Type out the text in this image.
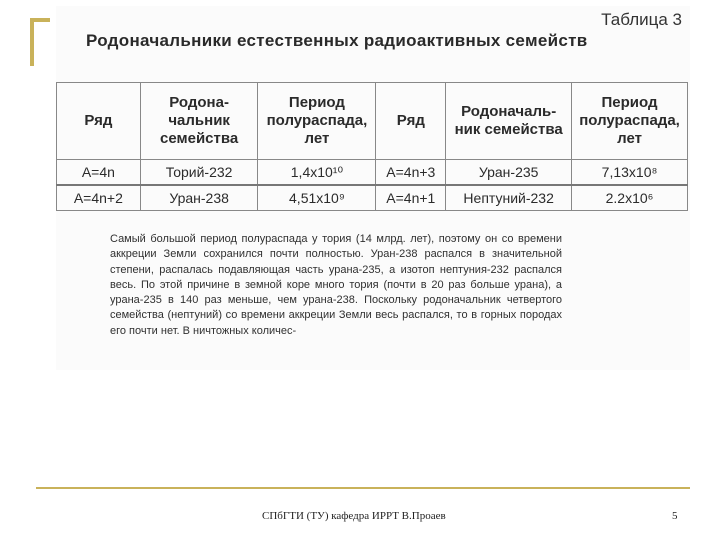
Таблица 3
Родоначальники естественных радиоактивных семейств
Ряд	Родона-чальник семейства	Период полураспада, лет	Ряд	Родоначаль-ник семейства	Период полураспада, лет
A=4n	Торий-232	1,4x10¹⁰	A=4n+3	Уран-235	7,13x10⁸
A=4n+2	Уран-238	4,51x10⁹	A=4n+1	Нептуний-232	2.2x10⁶

Самый большой период полураспада у тория (14 млрд. лет), поэтому он со времени аккреции Земли сохранился почти полностью. Уран-238 распался в значительной степени, распалась подавляющая часть урана-235, а изотоп нептуния-232 распался весь. По этой причине в земной коре много тория (почти в 20 раз больше урана), а урана-235 в 140 раз меньше, чем урана-238. Поскольку родоначальник четвертого семейства (нептуний) со времени аккреции Земли весь распался, то в горных породах его почти нет. В ничтожных количес-

СПбГТИ (ТУ) кафедра ИРРТ В.Проаев	5
